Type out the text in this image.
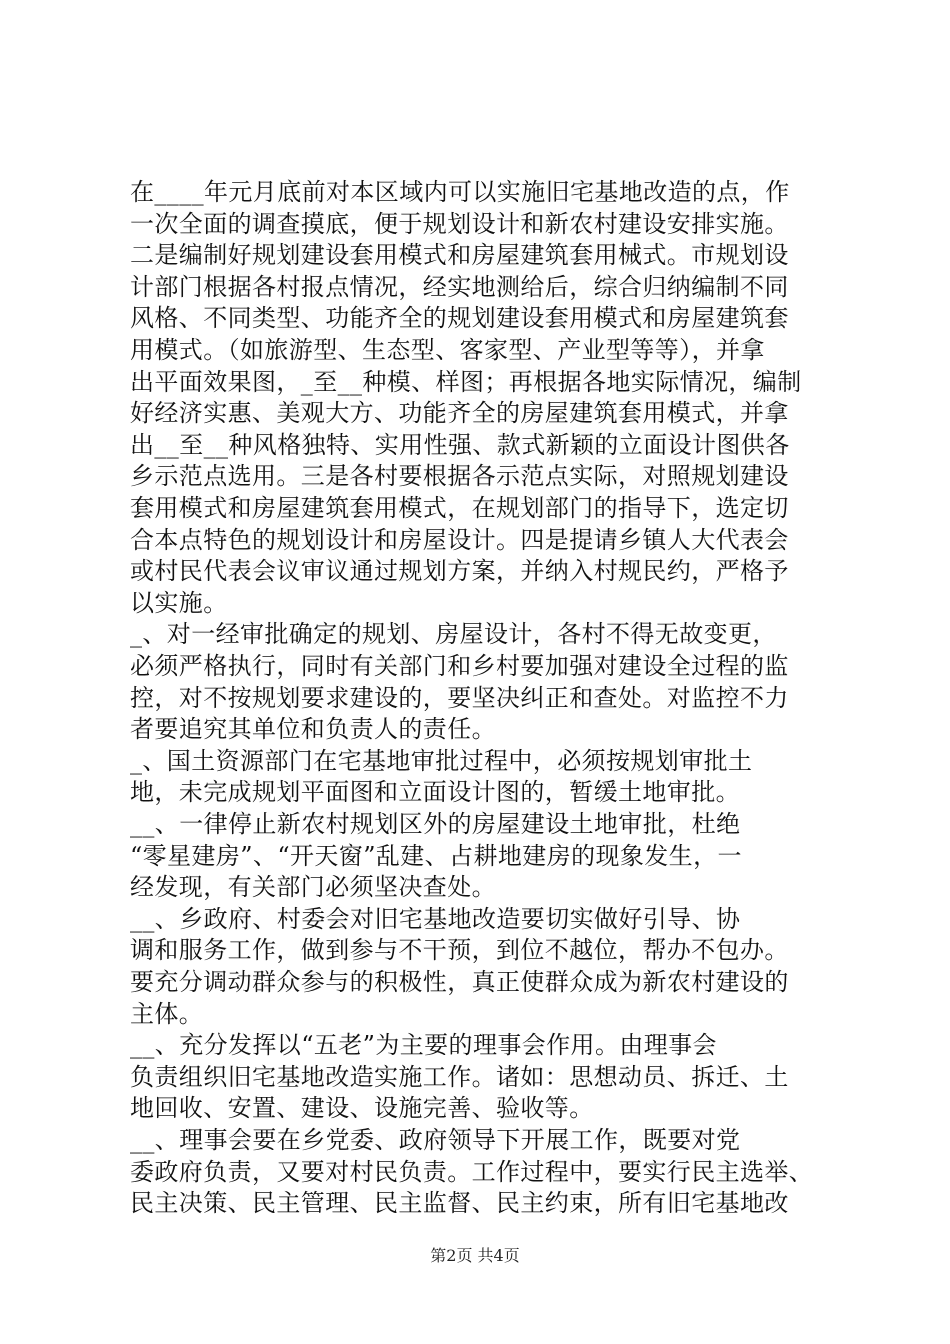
在____年元月底前对本区域内可以实施旧宅基地改造的点，作
一次全面的调查摸底，便于规划设计和新农村建设安排实施。
二是编制好规划建设套用模式和房屋建筑套用械式。市规划设
计部门根据各村报点情况，经实地测给后，综合归纳编制不同
风格、不同类型、功能齐全的规划建设套用模式和房屋建筑套
用模式。（如旅游型、生态型、客家型、产业型等等），并拿
出平面效果图，_至__种模、样图；再根据各地实际情况，编制
好经济实惠、美观大方、功能齐全的房屋建筑套用模式，并拿
出__至__种风格独特、实用性强、款式新颖的立面设计图供各
乡示范点选用。三是各村要根据各示范点实际，对照规划建设
套用模式和房屋建筑套用模式，在规划部门的指导下，选定切
合本点特色的规划设计和房屋设计。四是提请乡镇人大代表会
或村民代表会议审议通过规划方案，并纳入村规民约，严格予
以实施。
_、对一经审批确定的规划、房屋设计，各村不得无故变更，
必须严格执行，同时有关部门和乡村要加强对建设全过程的监
控，对不按规划要求建设的，要坚决纠正和查处。对监控不力
者要追究其单位和负责人的责任。
_、国土资源部门在宅基地审批过程中，必须按规划审批土
地，未完成规划平面图和立面设计图的，暂缓土地审批。
__、一律停止新农村规划区外的房屋建设土地审批，杜绝
“零星建房”、“开天窗”乱建、占耕地建房的现象发生，一
经发现，有关部门必须坚决查处。
__、乡政府、村委会对旧宅基地改造要切实做好引导、协
调和服务工作，做到参与不干预，到位不越位，帮办不包办。
要充分调动群众参与的积极性，真正使群众成为新农村建设的
主体。
__、充分发挥以“五老”为主要的理事会作用。由理事会
负责组织旧宅基地改造实施工作。诸如：思想动员、拆迁、土
地回收、安置、建设、设施完善、验收等。
__、理事会要在乡党委、政府领导下开展工作，既要对党
委政府负责，又要对村民负责。工作过程中，要实行民主选举、
民主决策、民主管理、民主监督、民主约束，所有旧宅基地改
第2页 共4页
